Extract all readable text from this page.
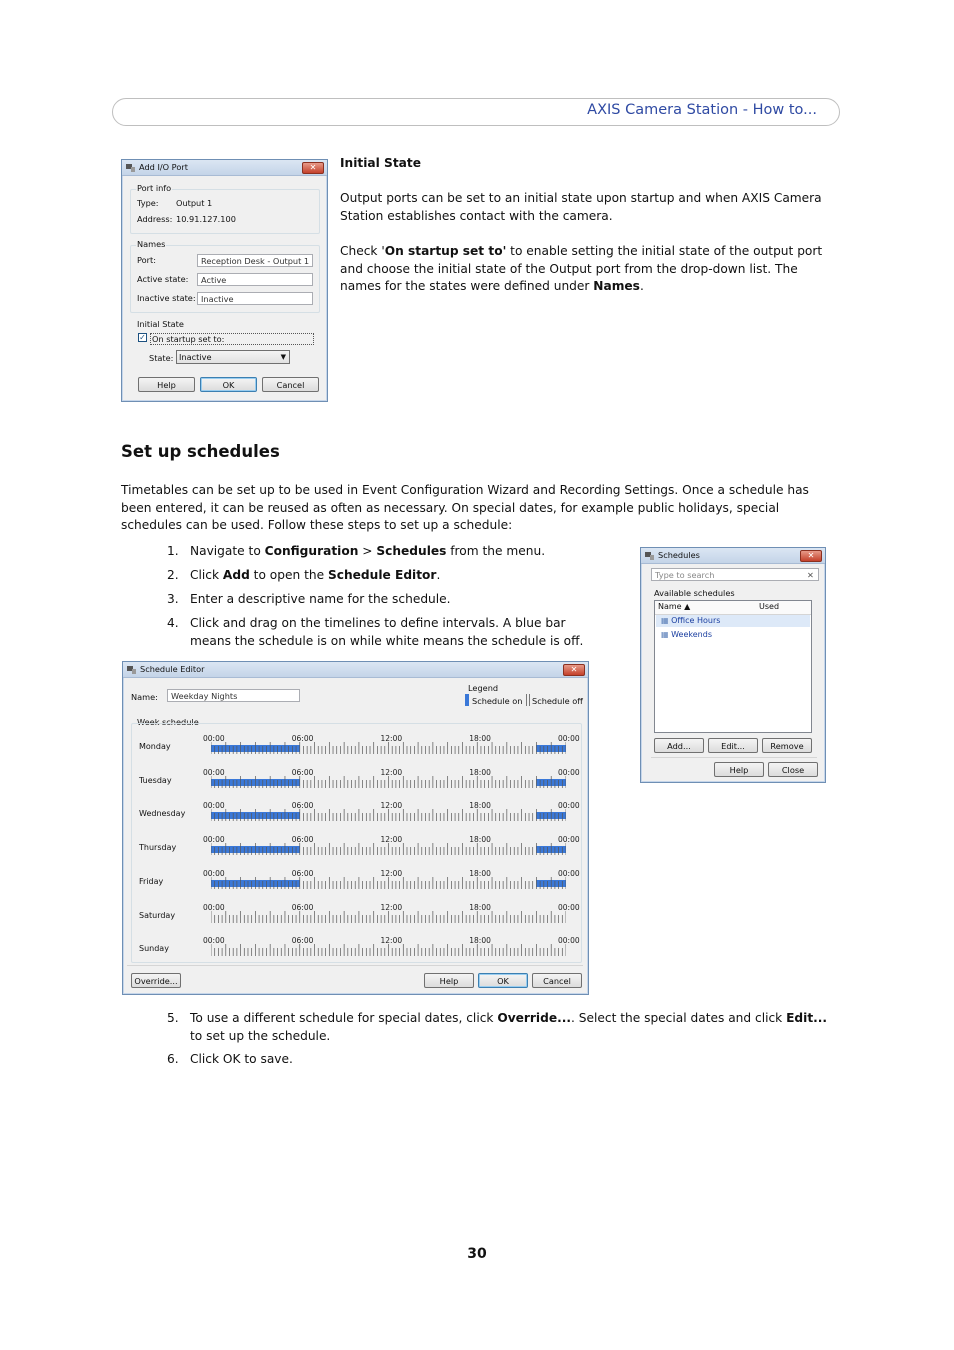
AXIS Camera Station - How to...
Add I/O Port	✕
Port info
Type: Output 1
Address: 10.91.127.100
Names
Port:	Reception Desk - Output 1
Active state:	Active
Inactive state: Inactive
Initial State
✓ On startup set to:
State: Inactive	▼
Help	OK	Cancel
Initial State
Output ports can be set to an initial state upon startup and when AXIS Camera Station establishes contact with the camera.
Check 'On startup set to' to enable setting the initial state of the output port and choose the initial state of the Output port from the drop-down list. The names for the states were defined under Names.
Set up schedules
Timetables can be set up to be used in Event Configuration Wizard and Recording Settings. Once a schedule has been entered, it can be reused as often as necessary. On special dates, for example public holidays, special schedules can be used. Follow these steps to set up a schedule:
1. Navigate to Configuration > Schedules from the menu.
2. Click Add to open the Schedule Editor.
3. Enter a descriptive name for the schedule.
4. Click and drag on the timelines to define intervals. A blue bar means the schedule is on while white means the schedule is off.
Schedules	✕
Type to search	✕
Available schedules
Name ▲	Used
▦ Office Hours
▦ Weekends
Add...	Edit...	Remove
Help	Close
Schedule Editor	✕
Name:	Weekday Nights
Legend
Schedule on Schedule off
Week schedule
Monday
00:00	06:00	12:00	18:00	00:00
Tuesday
00:00	06:00	12:00	18:00	00:00
Wednesday
00:00	06:00	12:00	18:00	00:00
Thursday
00:00	06:00	12:00	18:00	00:00
Friday
00:00	06:00	12:00	18:00	00:00
Saturday
00:00	06:00	12:00	18:00	00:00
Sunday
00:00	06:00	12:00	18:00	00:00
Override...	Help	OK	Cancel
5. To use a different schedule for special dates, click Override.... Select the special dates and click Edit... to set up the schedule.
6. Click OK to save.
30
